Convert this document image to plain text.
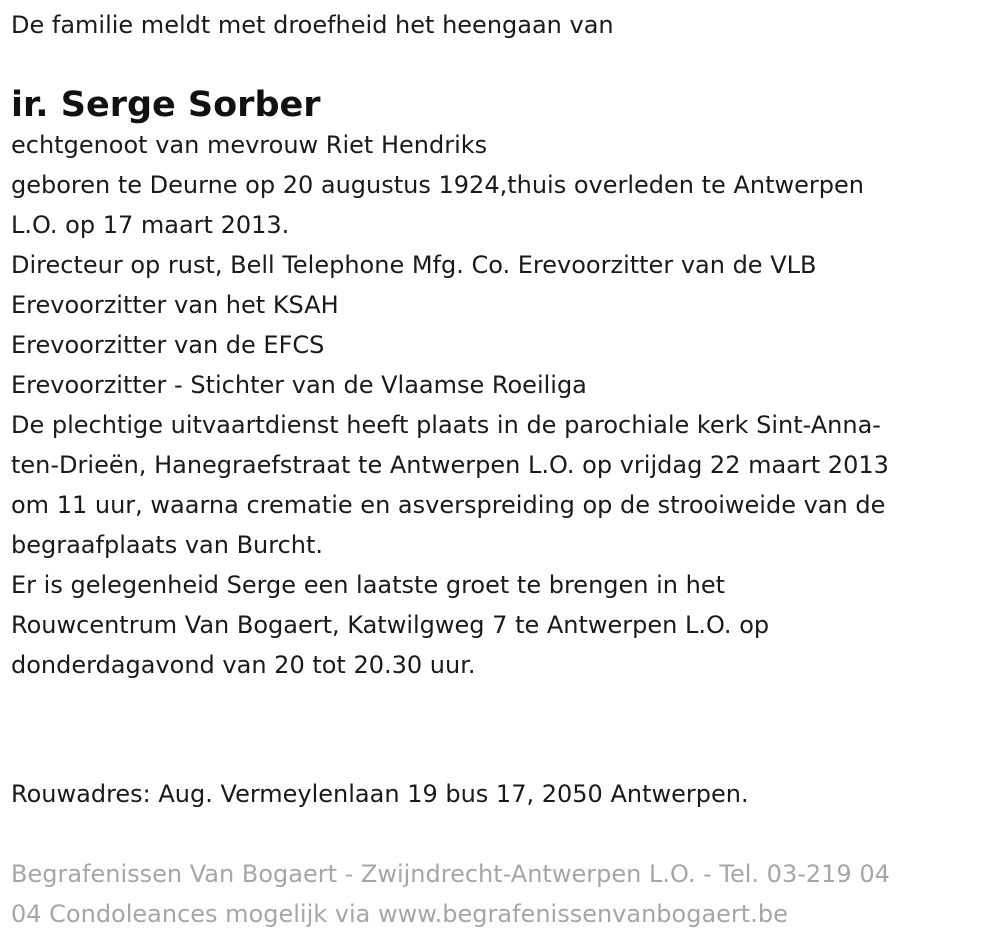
De familie meldt met droefheid het heengaan van

ir. Serge Sorber
echtgenoot van mevrouw Riet Hendriks
geboren te Deurne op 20 augustus 1924,thuis overleden te Antwerpen
L.O. op 17 maart 2013.
Directeur op rust, Bell Telephone Mfg. Co. Erevoorzitter van de VLB
Erevoorzitter van het KSAH
Erevoorzitter van de EFCS
Erevoorzitter - Stichter van de Vlaamse Roeiliga
De plechtige uitvaartdienst heeft plaats in de parochiale kerk Sint-Anna-
ten-Drieën, Hanegraefstraat te Antwerpen L.O. op vrijdag 22 maart 2013
om 11 uur, waarna crematie en asverspreiding op de strooiweide van de
begraafplaats van Burcht.
Er is gelegenheid Serge een laatste groet te brengen in het
Rouwcentrum Van Bogaert, Katwilgweg 7 te Antwerpen L.O. op
donderdagavond van 20 tot 20.30 uur.
Rouwadres: Aug. Vermeylenlaan 19 bus 17, 2050 Antwerpen.
Begrafenissen Van Bogaert - Zwijndrecht-Antwerpen L.O. - Tel. 03-219 04
04 Condoleances mogelijk via www.begrafenissenvanbogaert.be
